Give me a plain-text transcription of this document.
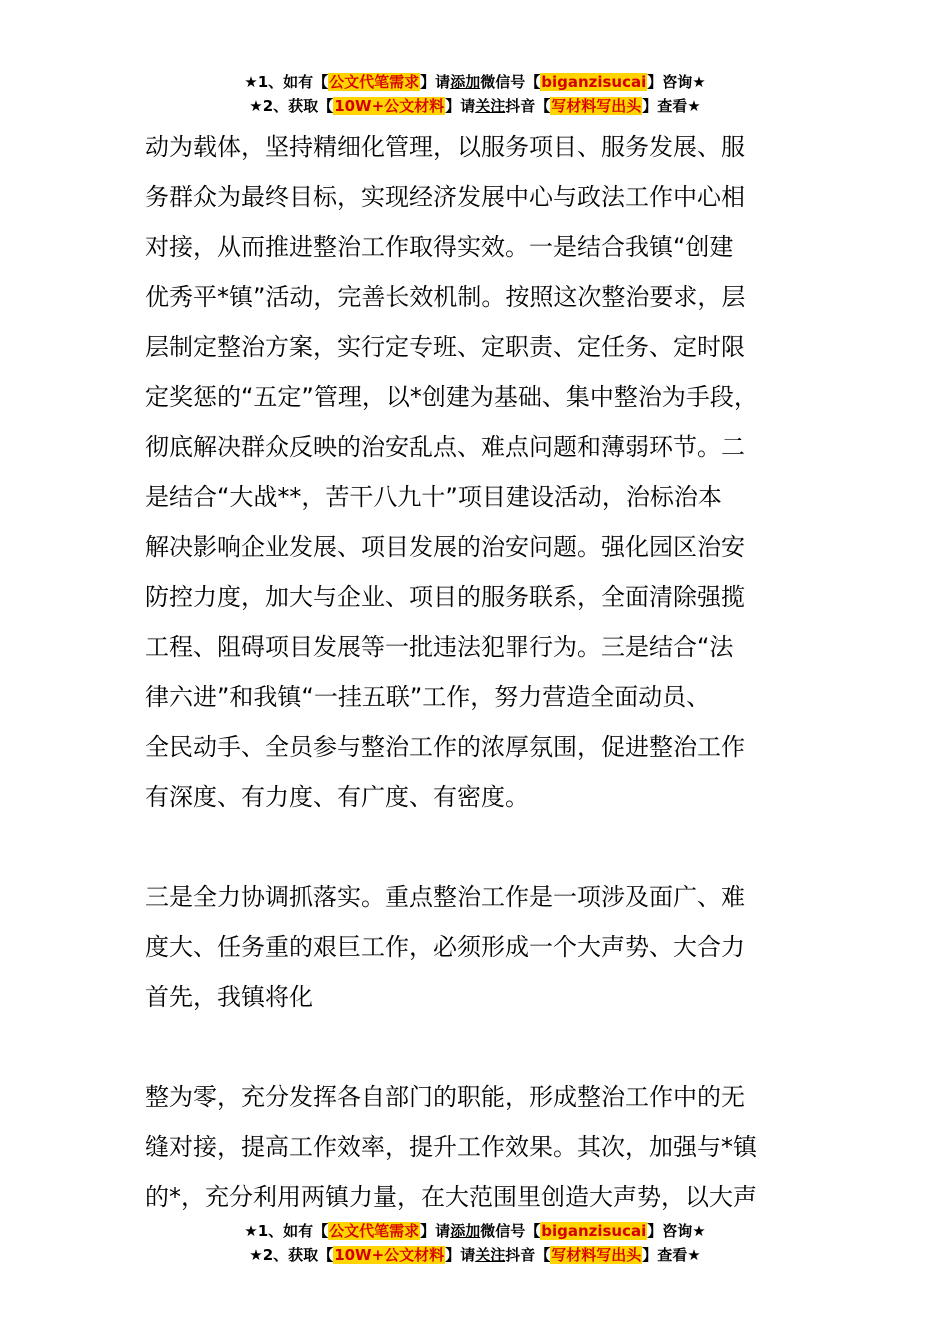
★1、如有【公文代笔需求】请添加微信号【biganzisucai】咨询★
★2、获取【10W+公文材料】请关注抖音【写材料写出头】查看★
动为载体，坚持精细化管理，以服务项目、服务发展、服
务群众为最终目标，实现经济发展中心与政法工作中心相
对接，从而推进整治工作取得实效。一是结合我镇“创建
优秀平*镇”活动，完善长效机制。按照这次整治要求，层
层制定整治方案，实行定专班、定职责、定任务、定时限
定奖惩的“五定”管理，以*创建为基础、集中整治为手段，
彻底解决群众反映的治安乱点、难点问题和薄弱环节。二
是结合“大战**，苦干八九十”项目建设活动，治标治本
解决影响企业发展、项目发展的治安问题。强化园区治安
防控力度，加大与企业、项目的服务联系，全面清除强揽
工程、阻碍项目发展等一批违法犯罪行为。三是结合“法
律六进”和我镇“一挂五联”工作，努力营造全面动员、
全民动手、全员参与整治工作的浓厚氛围，促进整治工作
有深度、有力度、有广度、有密度。
三是全力协调抓落实。重点整治工作是一项涉及面广、难
度大、任务重的艰巨工作，必须形成一个大声势、大合力
首先，我镇将化
整为零，充分发挥各自部门的职能，形成整治工作中的无
缝对接，提高工作效率，提升工作效果。其次，加强与*镇
的*，充分利用两镇力量，在大范围里创造大声势，以大声
★1、如有【公文代笔需求】请添加微信号【biganzisucai】咨询★
★2、获取【10W+公文材料】请关注抖音【写材料写出头】查看★
